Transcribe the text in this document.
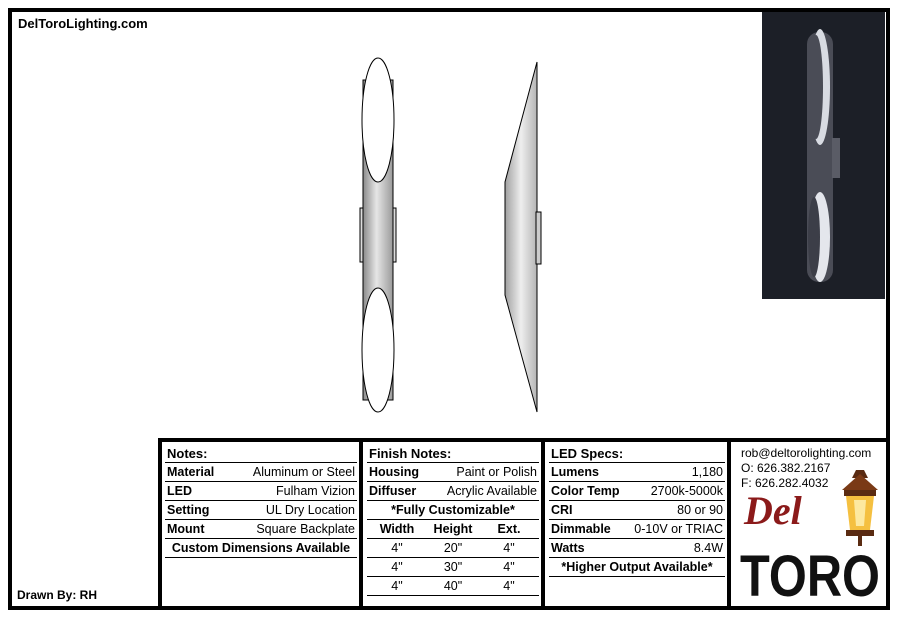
DelToroLighting.com
Notes:
Material	Aluminum or Steel
LED	Fulham Vizion
Setting	UL Dry Location
Mount	Square Backplate
Custom Dimensions Available
Finish Notes:
Housing	Paint or Polish
Diffuser Acrylic Available
*Fully Customizable*
Width	Height	Ext.
4"	20"	4"
4"	30"	4"
4"	40"	4"
LED Specs:
Lumens	1,180
Color Temp 2700k-5000k
CRI	80 or 90
Dimmable 0-10V or TRIAC
Watts	8.4W
*Higher Output Available*
rob@deltorolighting.com
O: 626.382.2167
F: 626.282.4032
Del
TORO
Drawn By: RH
